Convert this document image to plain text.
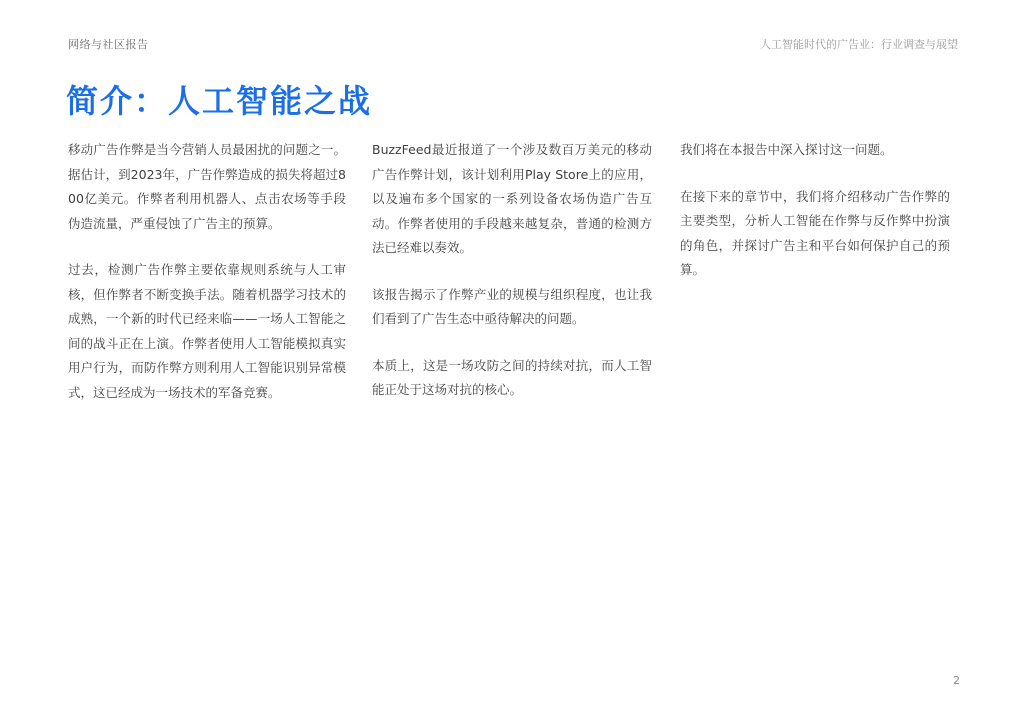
网络与社区报告	人工智能时代的广告业：行业调查与展望
简介：人工智能之战

移动广告作弊是当今营销人员最困扰的问题之一。据估计，到2023年，广告作弊造成的损失将超过800亿美元。作弊者利用机器人、点击农场等手段伪造流量，严重侵蚀了广告主的预算。

过去，检测广告作弊主要依靠规则系统与人工审核，但作弊者不断变换手法。随着机器学习技术的成熟，一个新的时代已经来临——一场人工智能之间的战斗正在上演。作弊者使用人工智能模拟真实用户行为，而防作弊方则利用人工智能识别异常模式，这已经成为一场技术的军备竞赛。

BuzzFeed最近报道了一个涉及数百万美元的移动广告作弊计划，该计划利用Play Store上的应用，以及遍布多个国家的一系列设备农场伪造广告互动。作弊者使用的手段越来越复杂，普通的检测方法已经难以奏效。

该报告揭示了作弊产业的规模与组织程度，也让我们看到了广告生态中亟待解决的问题。

本质上，这是一场攻防之间的持续对抗，而人工智能正处于这场对抗的核心。

我们将在本报告中深入探讨这一问题。

在接下来的章节中，我们将介绍移动广告作弊的主要类型，分析人工智能在作弊与反作弊中扮演的角色，并探讨广告主和平台如何保护自己的预算。

2
